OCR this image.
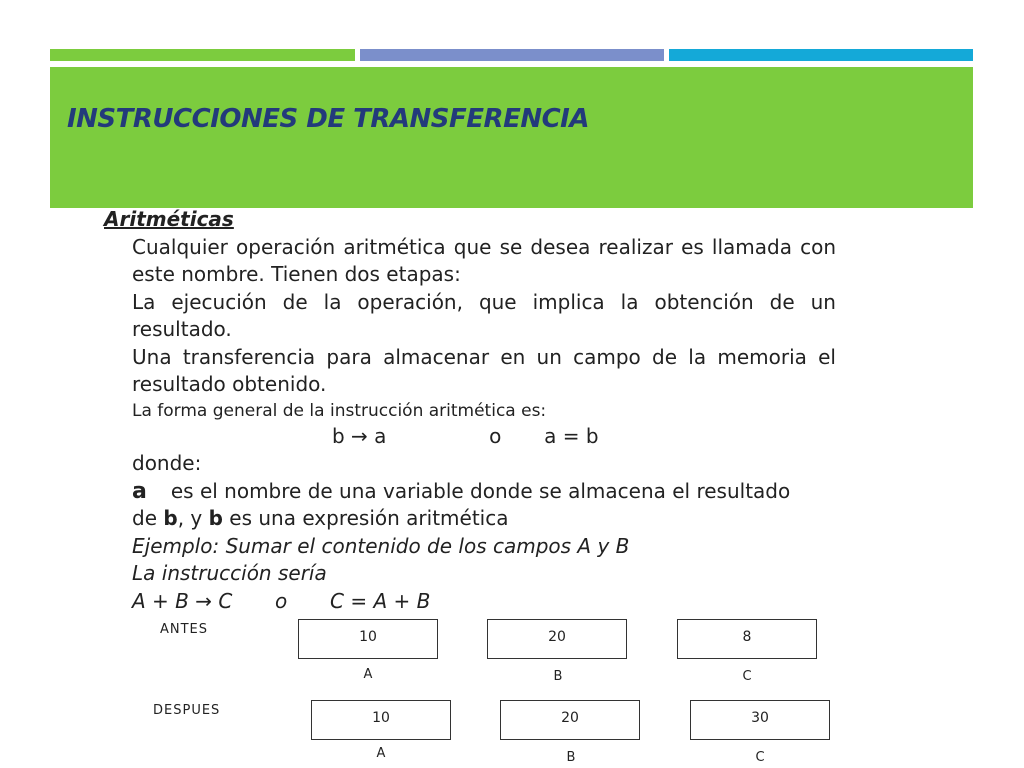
INSTRUCCIONES DE TRANSFERENCIA
Aritméticas
Cualquier operación aritmética que se desea realizar es llamada con
este nombre. Tienen dos etapas:
La ejecución de la operación, que implica la obtención de un
resultado.
Una transferencia para almacenar en un campo de la memoria el
resultado obtenido.
La forma general de la instrucción aritmética es:
b → a	o a = b
donde:
a es el nombre de una variable donde se almacena el resultado
de b, y b es una expresión aritmética
Ejemplo: Sumar el contenido de los campos A y B
La instrucción sería
A + B → C o C = A + B
ANTES	10	20	8
A	B	C
DESPUES	10	20	30
A	B	C
